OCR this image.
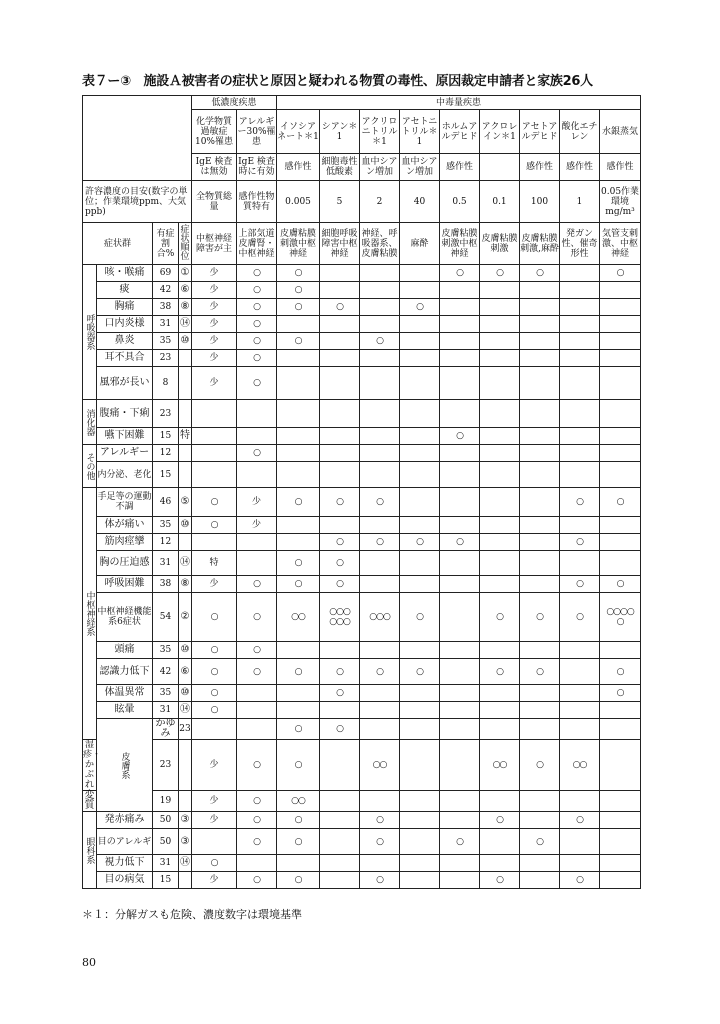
表７ー③　施設Ａ被害者の症状と原因と疑われる物質の毒性、原因裁定申請者と家族26人
				低濃度疾患		中毒量疾患									
				化学物質過敏症10%罹患	アレルギー30%罹患	イソシアネート＊1	シアン＊1	アクリロニトリル＊1	アセトニトリル＊1	ホルムアルデヒド	アクロレイン＊1	アセトアルデヒド	酸化エチレン	水銀蒸気	
				IgE 検査は無効	IgE 検査時に有効	感作性	細胞毒性低酸素	血中シアン増加	血中シアン増加	感作性		感作性	感作性	感作性	
許容濃度の目安(数字の単位；作業環境ppm、大気ppb)				全物質総量	感作性物質特有	0.005	5	2	40	0.5	0.1	100	1	0.05作業環境mg/m³	
症状群		有症割合%	症状順位	中枢神経障害が主	上部気道皮膚腎・中枢神経	皮膚粘膜刺激中枢神経	細胞呼吸障害中枢神経	神経、呼吸器系、皮膚粘膜	麻酔	皮膚粘膜刺激中枢神経	皮膚粘膜刺激	皮膚粘膜刺激,麻酔	発ガン性、催奇形性	気管支刺激、中枢神経	
呼吸器系	咳・喉痛	69	①	少	○	○				○	○	○		○	
	痰	42	⑥	少	○	○									
	胸痛	38	⑧	少	○	○	○		○						
	口内炎様	31	⑭	少	○										
	鼻炎	35	⑩	少	○	○		○							
	耳不具合	23		少	○										
	風邪が長い	8		少	○										
消化器	腹痛・下痢	23													
	嚥下困難	15	特							○					
その他	アレルギー	12			○										
	内分泌、老化	15													
中枢神経系	手足等の運動不調	46	⑤	○	少	○	○	○					○	○	
	体が痛い	35	⑩	○	少										
	筋肉痙攣	12					○	○	○	○			○		
	胸の圧迫感	31	⑭	特		○	○								
	呼吸困難	38	⑧	少	○	○	○						○	○	
	中枢神経機能系6症状	54	②	○	○	○○	○○○○○○	○○○	○		○	○	○	○○○○○	
	頭痛	35	⑩	○	○										
	認識力低下	42	⑥	○	○	○	○	○	○		○	○		○	
	体温異常	35	⑩	○			○							○	
	眩暈	31	⑭	○											
	皮膚系	かゆみ	23			○	○								
湿疹・かぶれ		23		少	○	○		○○			○○	○	○○		
変質		19		少	○	○○									
眼科系	発赤痛み	50	③	少	○	○		○			○		○		
	目のアレルギ	50	③		○	○		○		○		○			
	視力低下	31	⑭	○											
	目の病気	15		少	○	○		○			○		○		
＊１：分解ガスも危険、濃度数字は環境基準
80
